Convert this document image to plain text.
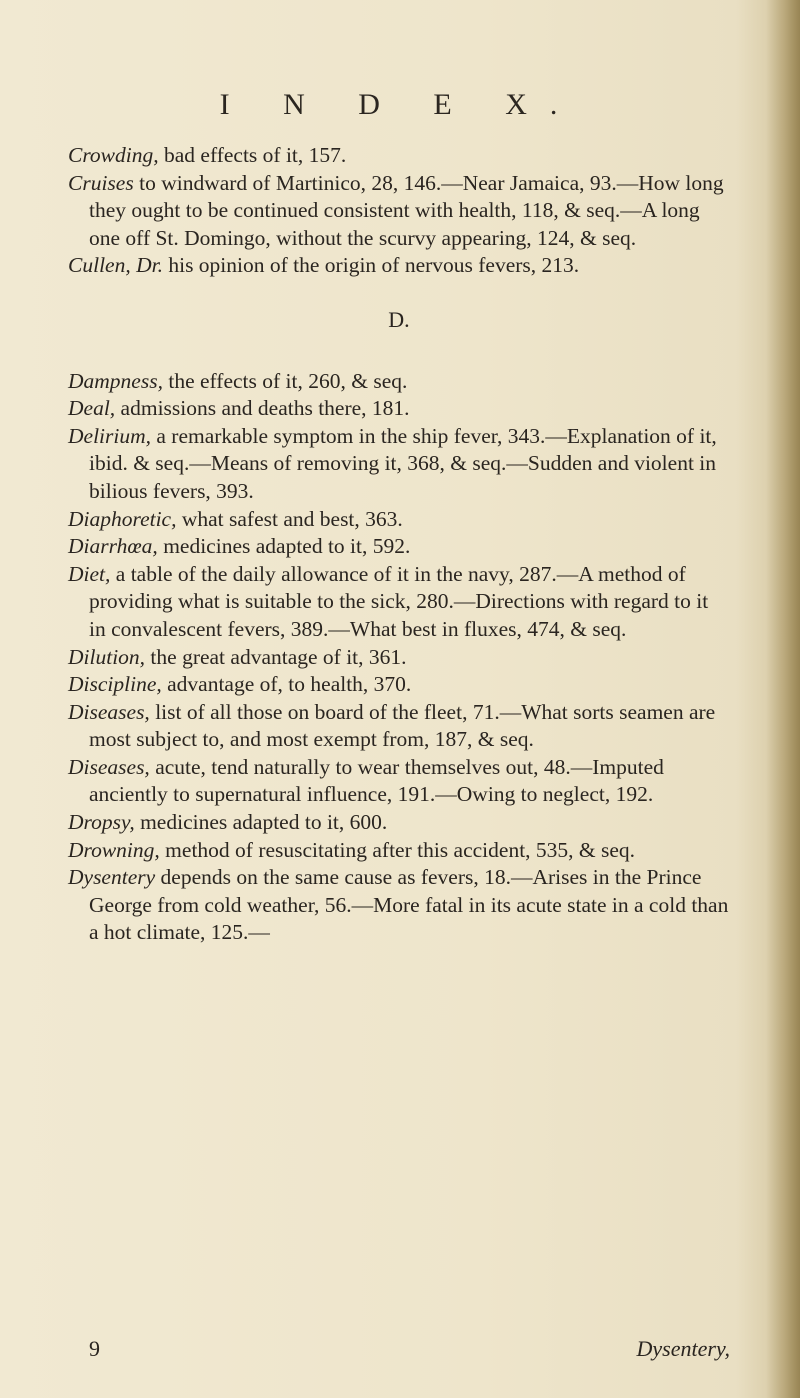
I N D E X.

Crowding, bad effects of it, 157.

Cruises to windward of Martinico, 28, 146.—Near Jamaica, 93.—How long they ought to be continued consistent with health, 118, & seq.—A long one off St. Domingo, without the scurvy appearing, 124, & seq.

Cullen, Dr. his opinion of the origin of nervous fevers, 213.

D.

Dampness, the effects of it, 260, & seq.

Deal, admissions and deaths there, 181.

Delirium, a remarkable symptom in the ship fever, 343.—Explanation of it, ibid. & seq.—Means of removing it, 368, & seq.—Sudden and violent in bilious fevers, 393.

Diaphoretic, what safest and best, 363.

Diarrhœa, medicines adapted to it, 592.

Diet, a table of the daily allowance of it in the navy, 287.—A method of providing what is suitable to the sick, 280.—Directions with regard to it in convalescent fevers, 389.—What best in fluxes, 474, & seq.

Dilution, the great advantage of it, 361.

Discipline, advantage of, to health, 370.

Diseases, list of all those on board of the fleet, 71.—What sorts seamen are most subject to, and most exempt from, 187, & seq.

Diseases, acute, tend naturally to wear themselves out, 48.—Imputed anciently to supernatural influence, 191.—Owing to neglect, 192.

Dropsy, medicines adapted to it, 600.

Drowning, method of resuscitating after this accident, 535, & seq.

Dysentery depends on the same cause as fevers, 18.—Arises in the Prince George from cold weather, 56.—More fatal in its acute state in a cold than a hot climate, 125.—

9	Dysentery,
